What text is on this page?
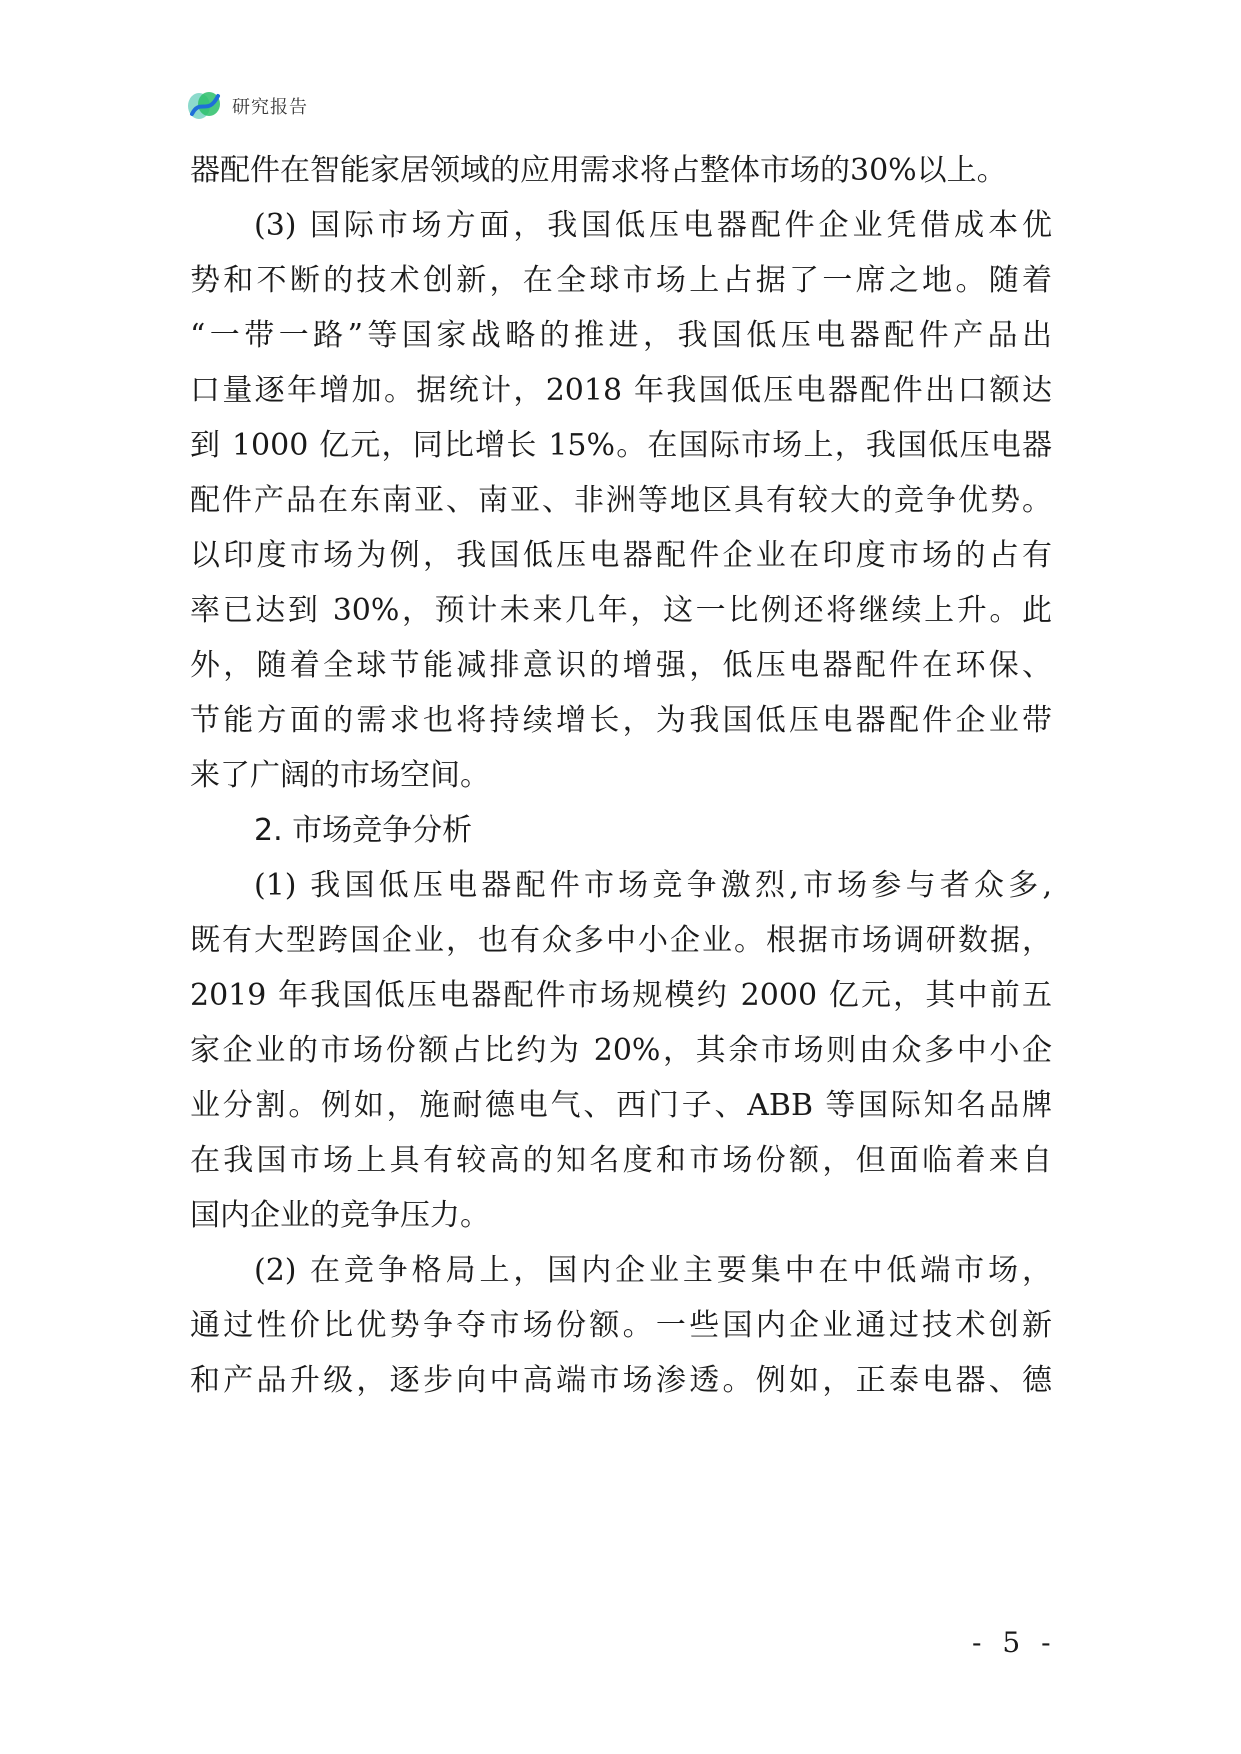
研究报告
器配件在智能家居领域的应用需求将占整体市场的30%以上。
(3) 国际市场方面，我国低压电器配件企业凭借成本优
势和不断的技术创新，在全球市场上占据了一席之地。随着
“一带一路”等国家战略的推进，我国低压电器配件产品出
口量逐年增加。据统计，2018 年我国低压电器配件出口额达
到 1000 亿元，同比增长 15%。在国际市场上，我国低压电器
配件产品在东南亚、南亚、非洲等地区具有较大的竞争优势。
以印度市场为例，我国低压电器配件企业在印度市场的占有
率已达到 30%，预计未来几年，这一比例还将继续上升。此
外，随着全球节能减排意识的增强，低压电器配件在环保、
节能方面的需求也将持续增长，为我国低压电器配件企业带
来了广阔的市场空间。
2. 市场竞争分析
(1) 我国低压电器配件市场竞争激烈,市场参与者众多,
既有大型跨国企业，也有众多中小企业。根据市场调研数据，
2019 年我国低压电器配件市场规模约 2000 亿元，其中前五
家企业的市场份额占比约为 20%，其余市场则由众多中小企
业分割。例如，施耐德电气、西门子、ABB 等国际知名品牌
在我国市场上具有较高的知名度和市场份额，但面临着来自
国内企业的竞争压力。
(2) 在竞争格局上，国内企业主要集中在中低端市场，
通过性价比优势争夺市场份额。一些国内企业通过技术创新
和产品升级，逐步向中高端市场渗透。例如，正泰电器、德
- 5 -
